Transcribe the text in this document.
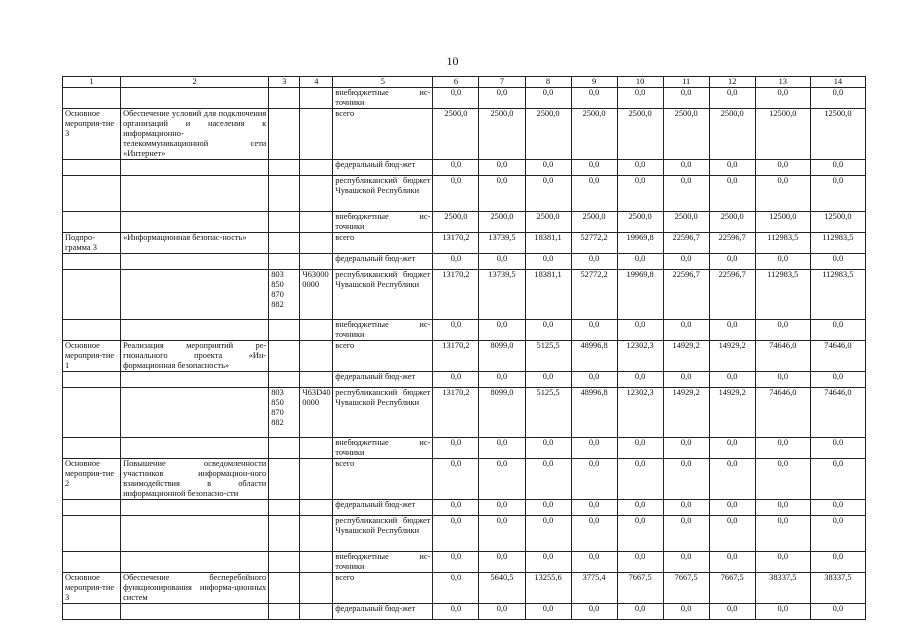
10
1	2	3	4	5	6	7	8	9	10	11	12	13	14
				внебюджетные ис-точники	0,0	0,0	0,0	0,0	0,0	0,0	0,0	0,0	0,0
Основное мероприя-тие 3	Обеспечение условий для подключения организаций и населения к информационно-телекоммуникационной сети «Интернет»			всего	2500,0	2500,0	2500,0	2500,0	2500,0	2500,0	2500,0	12500,0	12500,0
				федеральный бюд-жет	0,0	0,0	0,0	0,0	0,0	0,0	0,0	0,0	0,0
				республиканский бюджет Чувашской Республики	0,0	0,0	0,0	0,0	0,0	0,0	0,0	0,0	0,0
				внебюджетные ис-точники	2500,0	2500,0	2500,0	2500,0	2500,0	2500,0	2500,0	12500,0	12500,0
Подпро-грамма 3	«Информационная безопас-ность»			всего	13170,2	13739,5	18381,1	52772,2	19969,8	22596,7	22596,7	112983,5	112983,5
				федеральный бюд-жет	0,0	0,0	0,0	0,0	0,0	0,0	0,0	0,0	0,0
		803 850 870 882	Ч63000 0000	республиканский бюджет Чувашской Республики	13170,2	13739,5	18381,1	52772,2	19969,8	22596,7	22596,7	112983,5	112983,5
				внебюджетные ис-точники	0,0	0,0	0,0	0,0	0,0	0,0	0,0	0,0	0,0
Основное мероприя-тие 1	Реализация мероприятий ре-гионального проекта «Ин-формационная безопасность»			всего	13170,2	8099,0	5125,5	48996,8	12302,3	14929,2	14929,2	74646,0	74646,0
				федеральный бюд-жет	0,0	0,0	0,0	0,0	0,0	0,0	0,0	0,0	0,0
		803 850 870 882	Ч63D40 0000	республиканский бюджет Чувашской Республики	13170,2	8099,0	5125,5	48996,8	12302,3	14929,2	14929,2	74646,0	74646,0
				внебюджетные ис-точники	0,0	0,0	0,0	0,0	0,0	0,0	0,0	0,0	0,0
Основное мероприя-тие 2	Повышение осведомленности участников информацион-ного взаимодействия в области информационной безопасно-сти			всего	0,0	0,0	0,0	0,0	0,0	0,0	0,0	0,0	0,0
				федеральный бюд-жет	0,0	0,0	0,0	0,0	0,0	0,0	0,0	0,0	0,0
				республиканский бюджет Чувашской Республики	0,0	0,0	0,0	0,0	0,0	0,0	0,0	0,0	0,0
				внебюджетные ис-точники	0,0	0,0	0,0	0,0	0,0	0,0	0,0	0,0	0,0
Основное мероприя-тие 3	Обеспечение бесперебойного функционирования информа-ционных систем			всего	0,0	5640,5	13255,6	3775,4	7667,5	7667,5	7667,5	38337,5	38337,5
				федеральный бюд-жет	0,0	0,0	0,0	0,0	0,0	0,0	0,0	0,0	0,0
